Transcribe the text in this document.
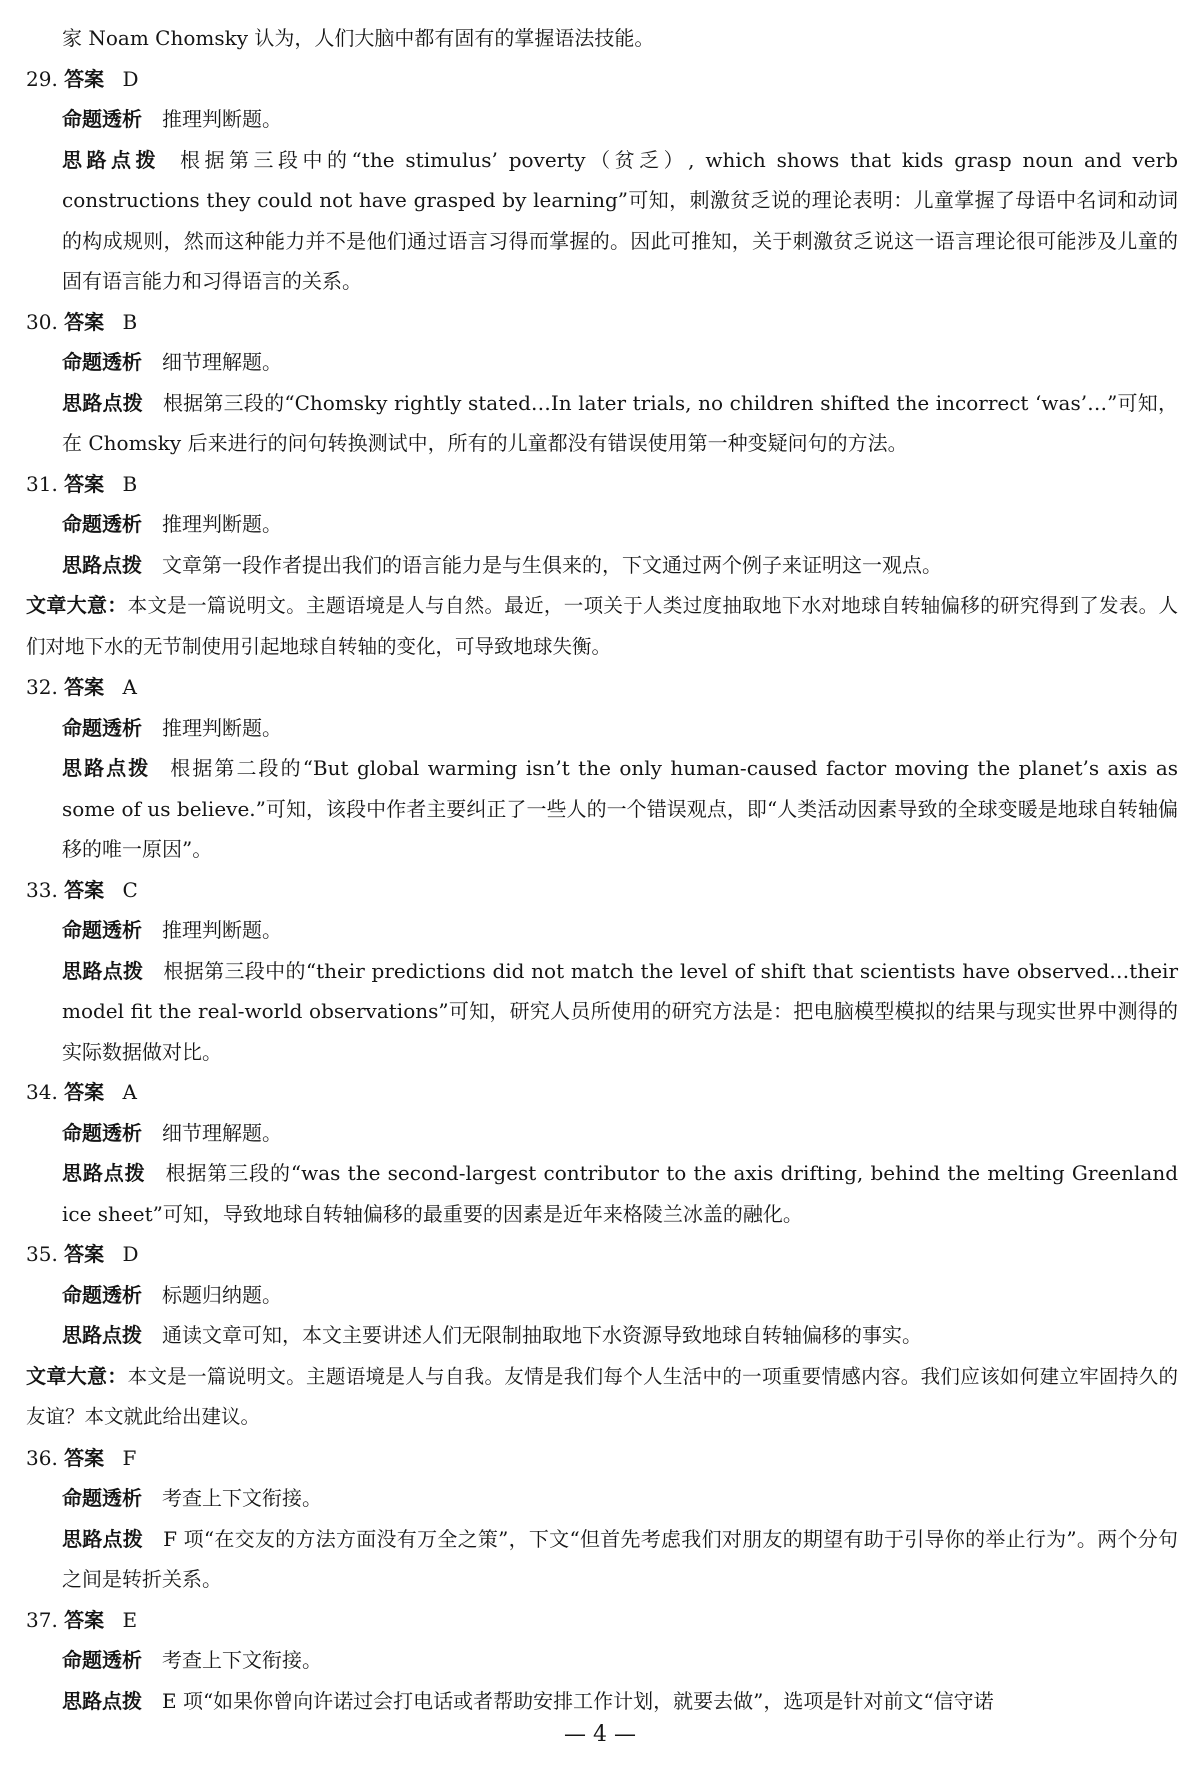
家 Noam Chomsky 认为，人们大脑中都有固有的掌握语法技能。
29. 答案 D
命题透析 推理判断题。
思路点拨 根据第三段中的“the stimulus’ poverty（贫乏）, which shows that kids grasp noun and verb constructions they could not have grasped by learning”可知，刺激贫乏说的理论表明：儿童掌握了母语中名词和动词的构成规则，然而这种能力并不是他们通过语言习得而掌握的。因此可推知，关于刺激贫乏说这一语言理论很可能涉及儿童的固有语言能力和习得语言的关系。
30. 答案 B
命题透析 细节理解题。
思路点拨 根据第三段的“Chomsky rightly stated…In later trials, no children shifted the incorrect ‘was’…”可知，在 Chomsky 后来进行的问句转换测试中，所有的儿童都没有错误使用第一种变疑问句的方法。
31. 答案 B
命题透析 推理判断题。
思路点拨 文章第一段作者提出我们的语言能力是与生俱来的，下文通过两个例子来证明这一观点。
文章大意：本文是一篇说明文。主题语境是人与自然。最近，一项关于人类过度抽取地下水对地球自转轴偏移的研究得到了发表。人们对地下水的无节制使用引起地球自转轴的变化，可导致地球失衡。
32. 答案 A
命题透析 推理判断题。
思路点拨 根据第二段的“But global warming isn’t the only human-caused factor moving the planet’s axis as some of us believe.”可知，该段中作者主要纠正了一些人的一个错误观点，即“人类活动因素导致的全球变暖是地球自转轴偏移的唯一原因”。
33. 答案 C
命题透析 推理判断题。
思路点拨 根据第三段中的“their predictions did not match the level of shift that scientists have observed…their model fit the real-world observations”可知，研究人员所使用的研究方法是：把电脑模型模拟的结果与现实世界中测得的实际数据做对比。
34. 答案 A
命题透析 细节理解题。
思路点拨 根据第三段的“was the second-largest contributor to the axis drifting, behind the melting Greenland ice sheet”可知，导致地球自转轴偏移的最重要的因素是近年来格陵兰冰盖的融化。
35. 答案 D
命题透析 标题归纳题。
思路点拨 通读文章可知，本文主要讲述人们无限制抽取地下水资源导致地球自转轴偏移的事实。
文章大意：本文是一篇说明文。主题语境是人与自我。友情是我们每个人生活中的一项重要情感内容。我们应该如何建立牢固持久的友谊？本文就此给出建议。
36. 答案 F
命题透析 考查上下文衔接。
思路点拨 F 项“在交友的方法方面没有万全之策”，下文“但首先考虑我们对朋友的期望有助于引导你的举止行为”。两个分句之间是转折关系。
37. 答案 E
命题透析 考查上下文衔接。
思路点拨 E 项“如果你曾向许诺过会打电话或者帮助安排工作计划，就要去做”，选项是针对前文“信守诺
— 4 —
